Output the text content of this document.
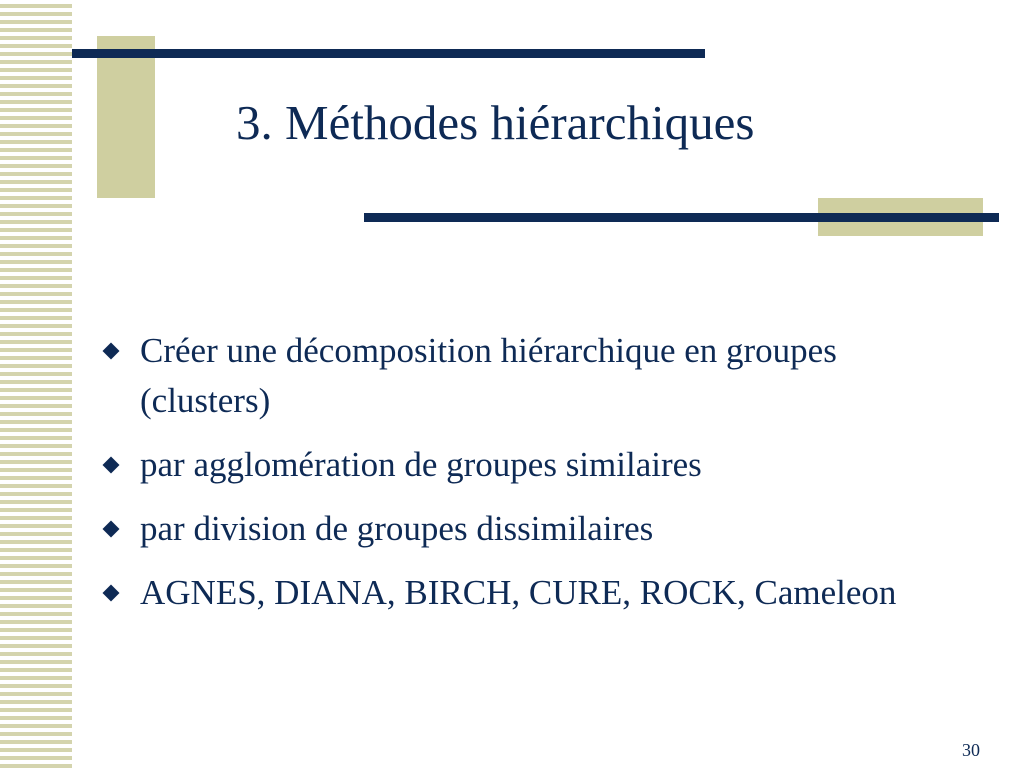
3. Méthodes hiérarchiques
Créer une décomposition hiérarchique en groupes (clusters)
par agglomération de groupes similaires
par division de groupes dissimilaires
AGNES, DIANA, BIRCH, CURE, ROCK, Cameleon
30
